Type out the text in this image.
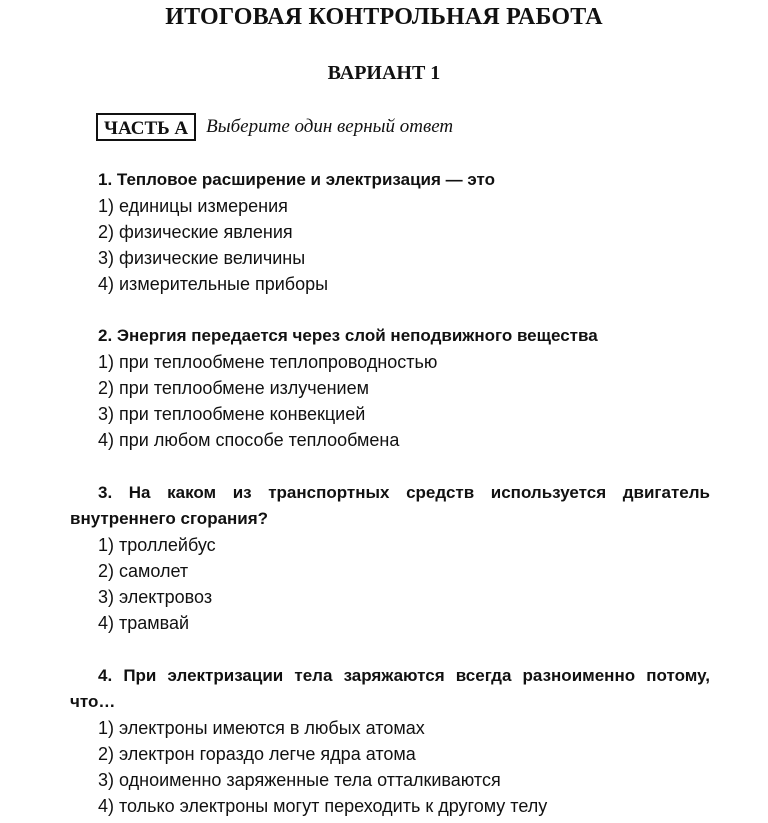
ИТОГОВАЯ КОНТРОЛЬНАЯ РАБОТА
ВАРИАНТ 1
ЧАСТЬ А Выберите один верный ответ

1. Тепловое расширение и электризация — это

1) единицы измерения
2) физические явления
3) физические величины
4) измерительные приборы

2. Энергия передается через слой неподвижного вещества

1) при теплообмене теплопроводностью
2) при теплообмене излучением
3) при теплообмене конвекцией
4) при любом способе теплообмена

3. На каком из транспортных средств используется двигатель внутреннего сгорания?

1) троллейбус
2) самолет
3) электровоз
4) трамвай

4. При электризации тела заряжаются всегда разноименно потому, что…

1) электроны имеются в любых атомах
2) электрон гораздо легче ядра атома
3) одноименно заряженные тела отталкиваются
4) только электроны могут переходить к другому телу
